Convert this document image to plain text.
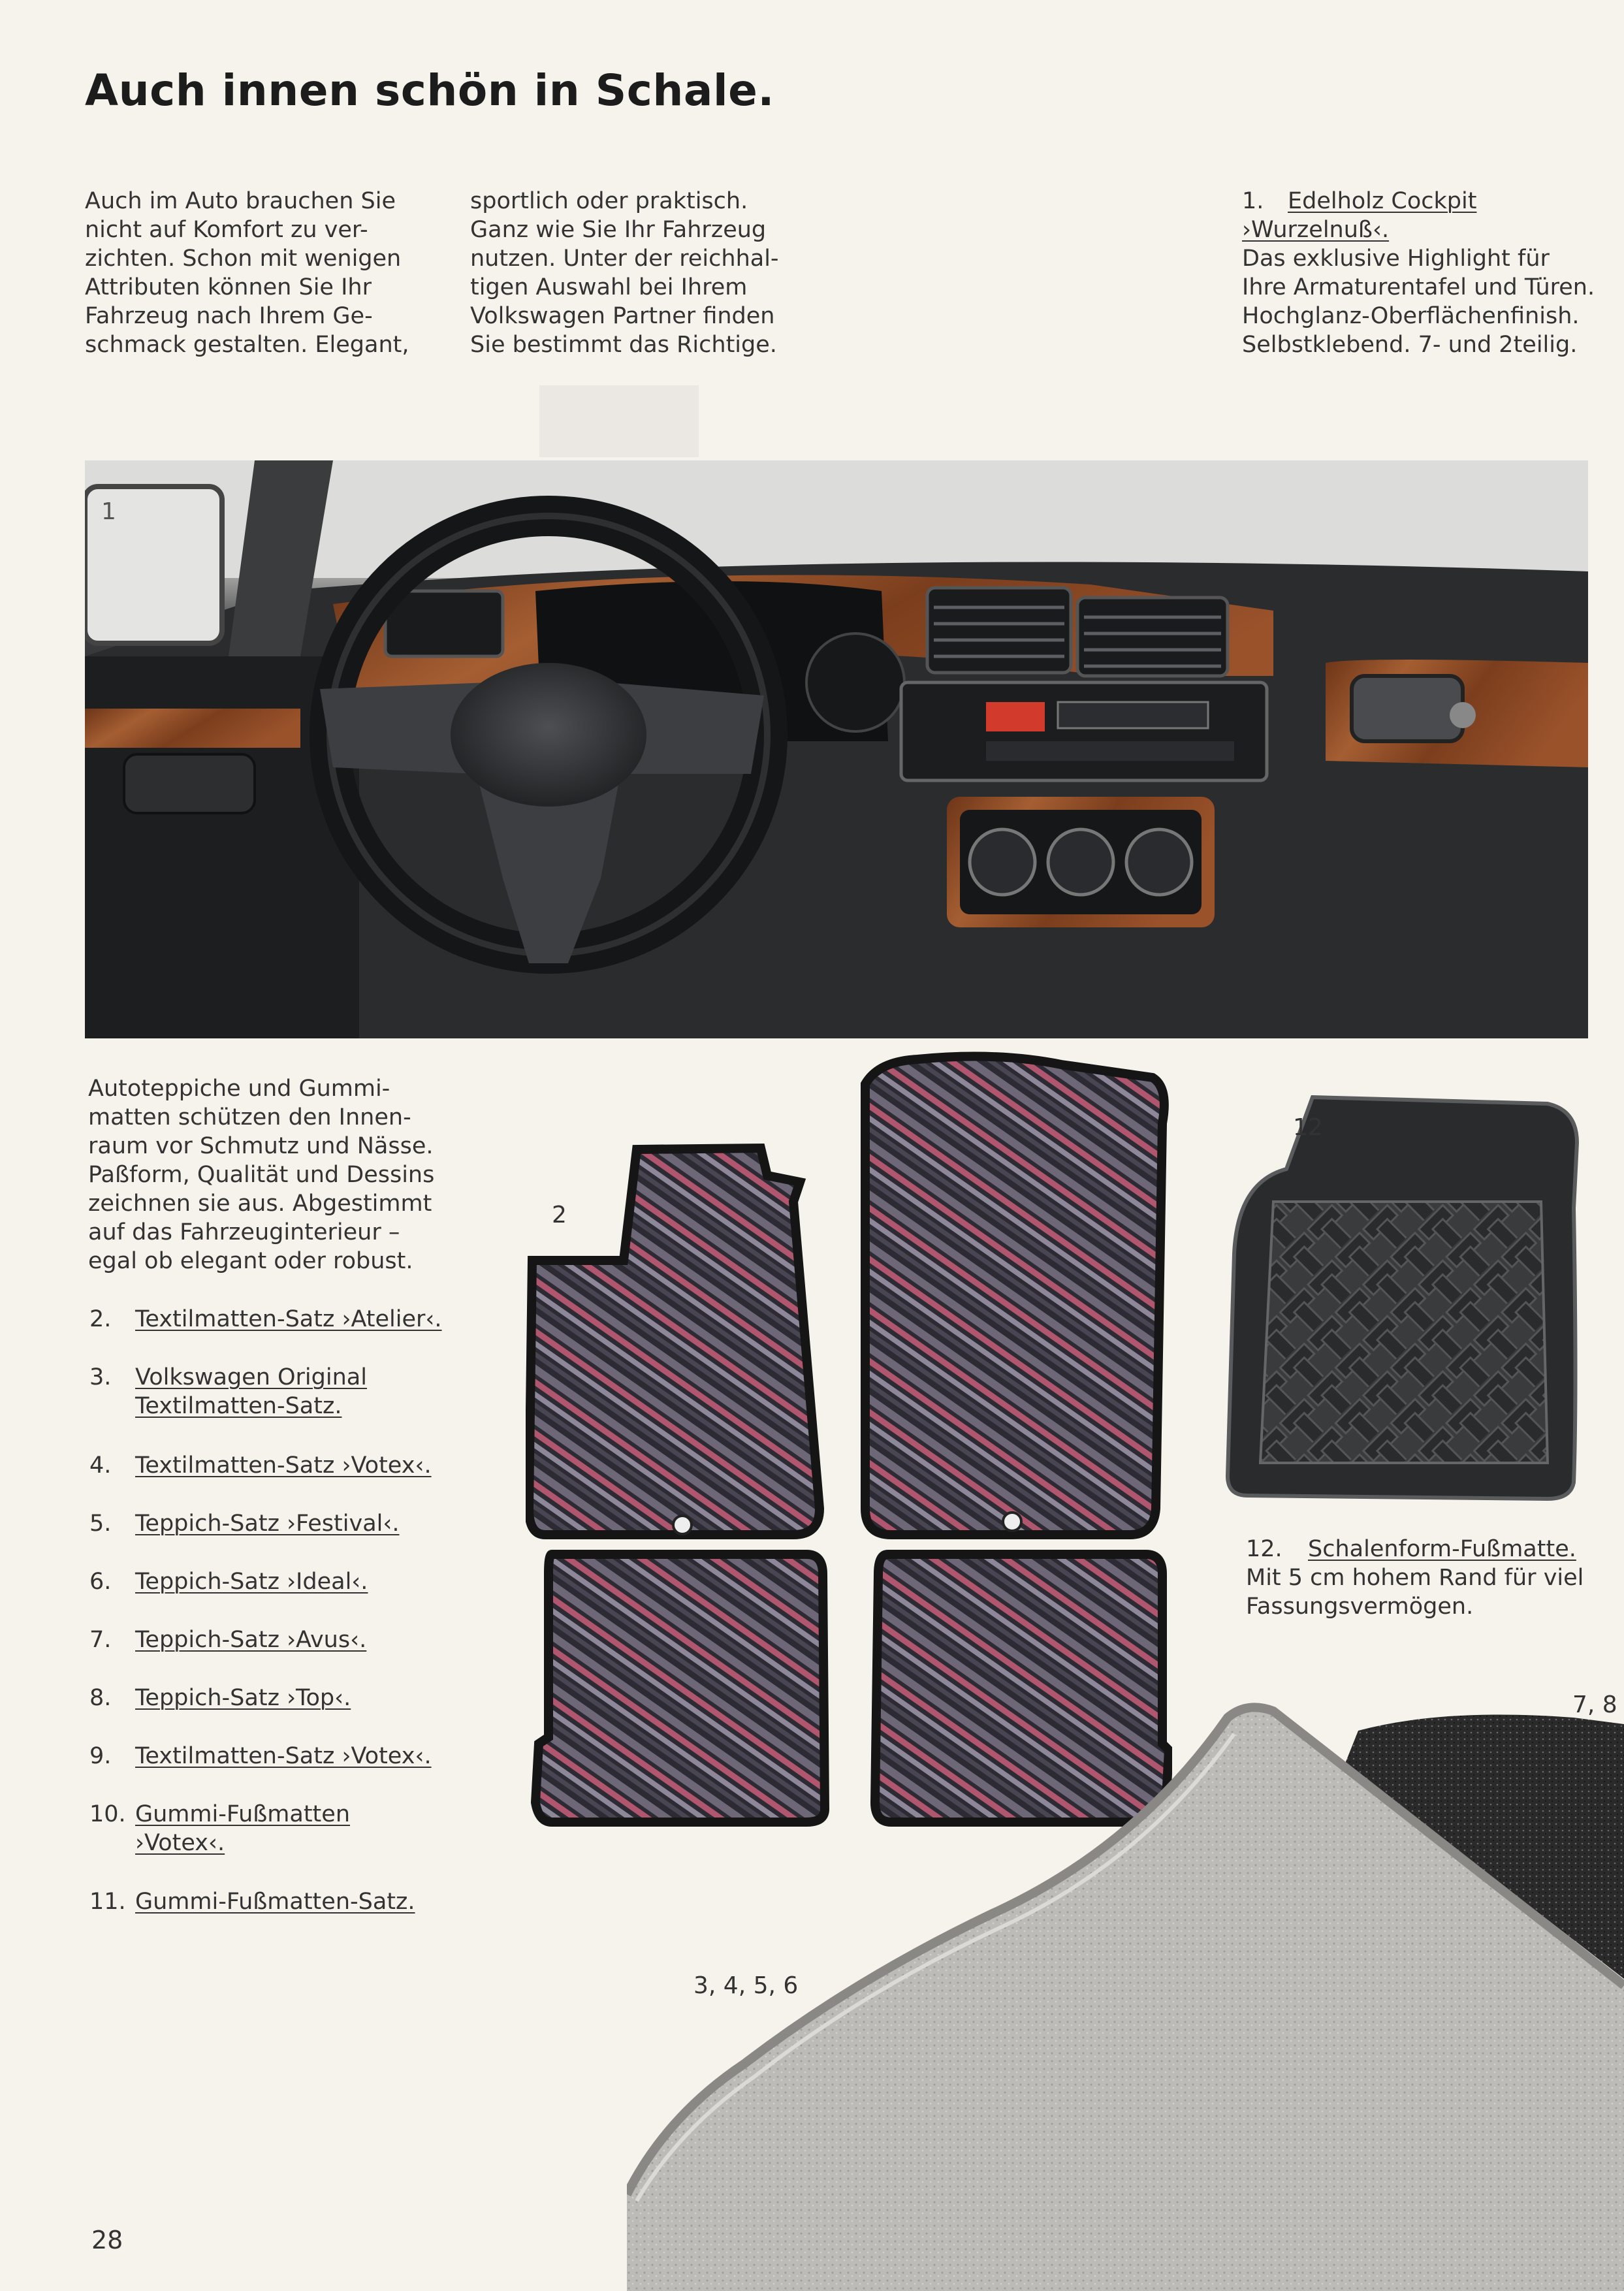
Auch innen schön in Schale.
Auch im Auto brauchen Sie
nicht auf Komfort zu ver-
zichten. Schon mit wenigen
Attributen können Sie Ihr
Fahrzeug nach Ihrem Ge-
schmack gestalten. Elegant,
sportlich oder praktisch.
Ganz wie Sie Ihr Fahrzeug
nutzen. Unter der reichhal-
tigen Auswahl bei Ihrem
Volkswagen Partner finden
Sie bestimmt das Richtige.
1. Edelholz Cockpit
›Wurzelnuß‹.
Das exklusive Highlight für
Ihre Armaturentafel und Türen.
Hochglanz-Oberflächenfinish.
Selbstklebend. 7- und 2teilig.
1
Autoteppiche und Gummi-
matten schützen den Innen-
raum vor Schmutz und Nässe.
Paßform, Qualität und Dessins
zeichnen sie aus. Abgestimmt
auf das Fahrzeuginterieur –
egal ob elegant oder robust.
2. Textilmatten-Satz ›Atelier‹.
3. Volkswagen Original
Textilmatten-Satz.
4. Textilmatten-Satz ›Votex‹.
5. Teppich-Satz ›Festival‹.
6. Teppich-Satz ›Ideal‹.
7. Teppich-Satz ›Avus‹.
8. Teppich-Satz ›Top‹.
9. Textilmatten-Satz ›Votex‹.
10. Gummi-Fußmatten
›Votex‹.
11. Gummi-Fußmatten-Satz.
2
3, 4, 5, 6
12
12. Schalenform-Fußmatte.
Mit 5 cm hohem Rand für viel
Fassungsvermögen.
7, 8
28
